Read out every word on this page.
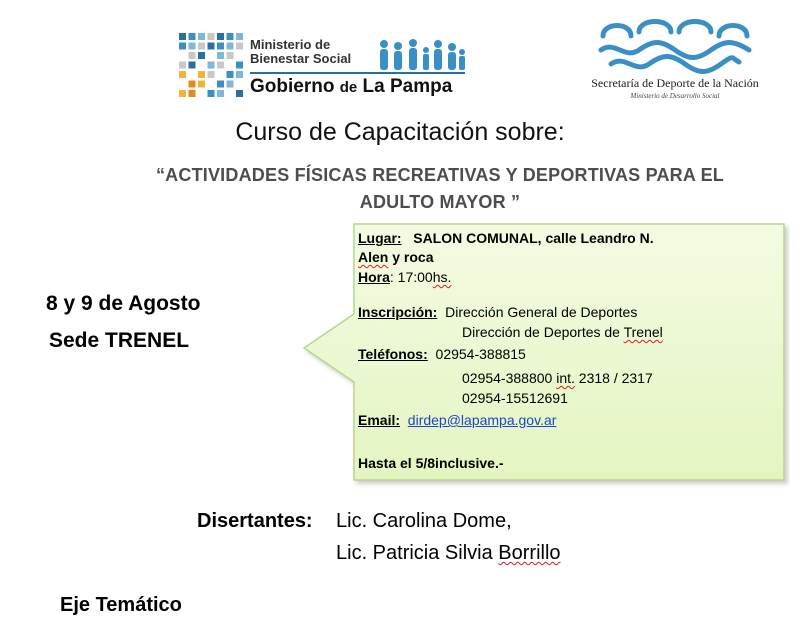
Ministerio de
Bienestar Social
Gobierno de La Pampa	Secretaría de Deporte de la Nación
Ministerio de Desarrollo Social
Curso de Capacitación sobre:
“ACTIVIDADES FÍSICAS RECREATIVAS Y DEPORTIVAS PARA EL
ADULTO MAYOR ”
8 y 9 de Agosto
Sede TRENEL
Lugar: SALON COMUNAL, calle Leandro N.
Alen y roca
Hora: 17:00hs.
Inscripción: Dirección General de Deportes
Dirección de Deportes de Trenel
Teléfonos: 02954-388815
02954-388800 int. 2318 / 2317
02954-15512691
Email: dirdep@lapampa.gov.ar
Hasta el 5/8inclusive.-
Disertantes: Lic. Carolina Dome,
Lic. Patricia Silvia Borrillo
Eje Temático
